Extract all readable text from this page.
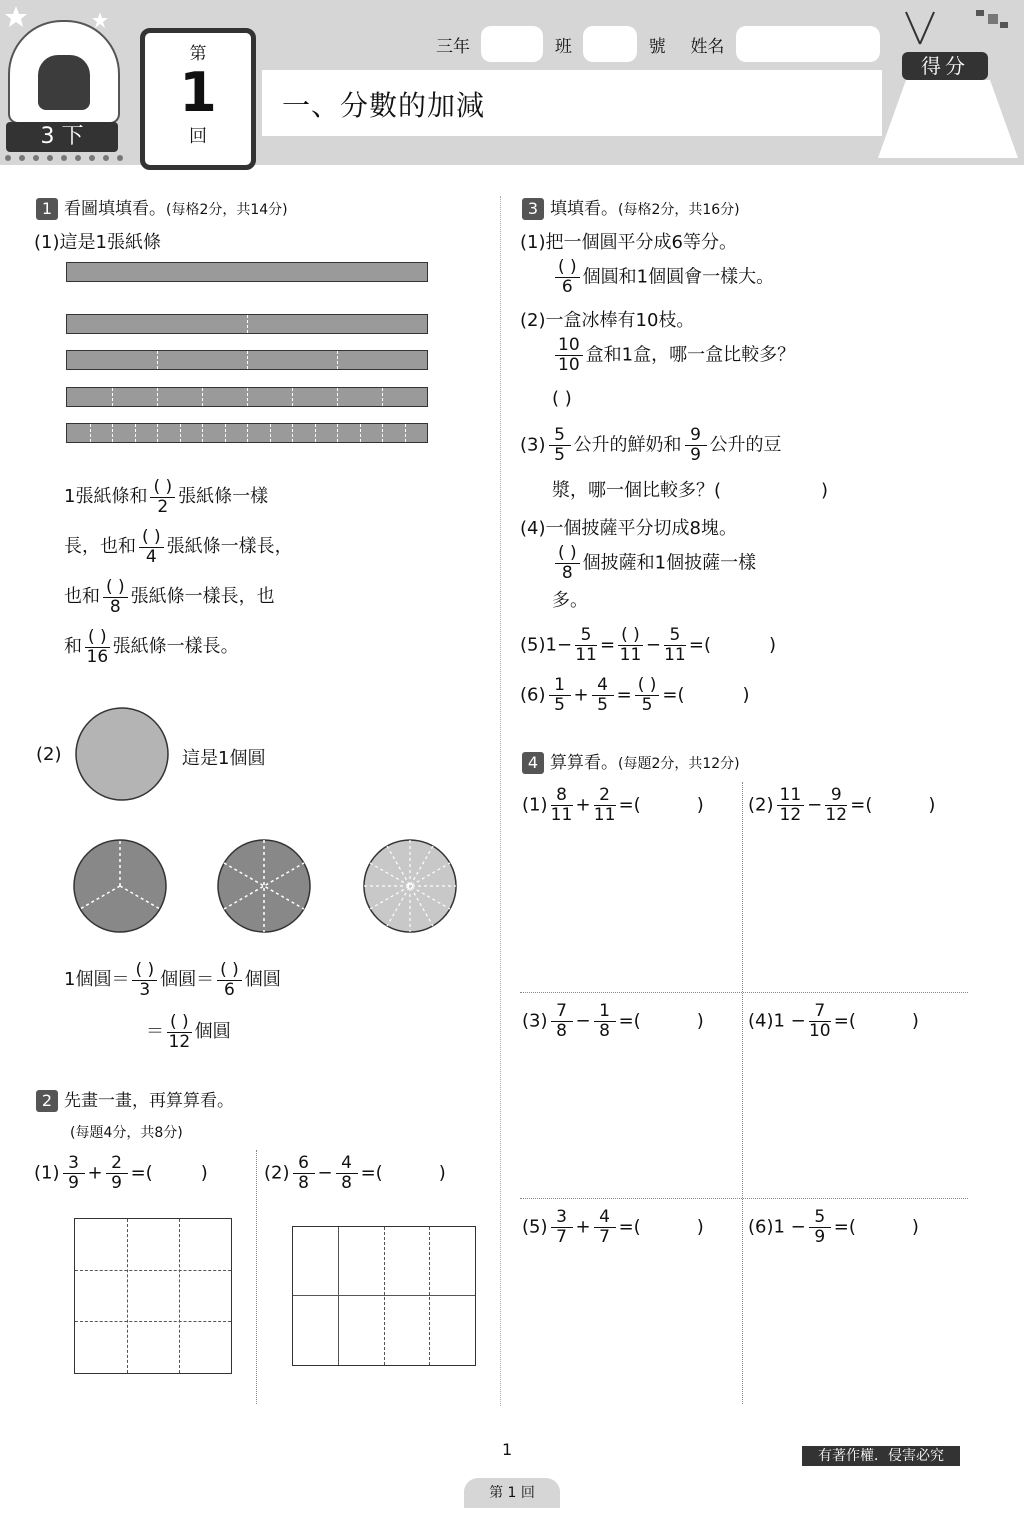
3 下
第
1
回
一、分數的加減
三年	班	號 姓名
得分
1 看圖填填看。(每格2分，共14分)
(1)這是1張紙條
1張紙條和 $\frac{( )}{2}$ 張紙條一樣
長，也和 $\frac{( )}{4}$ 張紙條一樣長，
也和 $\frac{( )}{8}$ 張紙條一樣長，也
和 $\frac{( )}{16}$ 張紙條一樣長。
(2)	這是1個圓
1個圓＝ $\frac{( )}{3}$ 個圓＝ $\frac{( )}{6}$ 個圓
＝ $\frac{( )}{12}$ 個圓
2 先畫一畫，再算算看。
(每題4分，共8分)
$(1) \frac{3}{9} + \frac{2}{9}$ =(	)	$(2) \frac{6}{8} - \frac{4}{8}$ =(	)
3 填填看。(每格2分，共16分)
(1)把一個圓平分成6等分。
$\frac{( )}{6}$ 個圓和1個圓會一樣大。
(2)一盒冰棒有10枝。
$\frac{10}{10}$ 盒和1盒，哪一盒比較多？
( )
$(3) \frac{5}{5}$ 公升的鮮奶和 $\frac{9}{9}$ 公升的豆
漿，哪一個比較多？(	)
(4)一個披薩平分切成8塊。
$\frac{( )}{8}$ 個披薩和1個披薩一樣
多。
$(5)1- \frac{5}{11} = \frac{( )}{11} - \frac{5}{11}$ =(	)
$(6) \frac{1}{5} + \frac{4}{5} = \frac{( )}{5}$ =(	)
4 算算看。(每題2分，共12分)
$(1) \frac{8}{11} + \frac{2}{11}$ =(	) $(2) \frac{11}{12} - \frac{9}{12}$ =(	)
$(3) \frac{7}{8} - \frac{1}{8}$ =(	) $(4)1 - \frac{7}{10}$ =(	)
$(5) \frac{3}{7} + \frac{4}{7}$ =(	) $(6)1 - \frac{5}{9}$ =(	)
有著作權．侵害必究
1
第 1 回
